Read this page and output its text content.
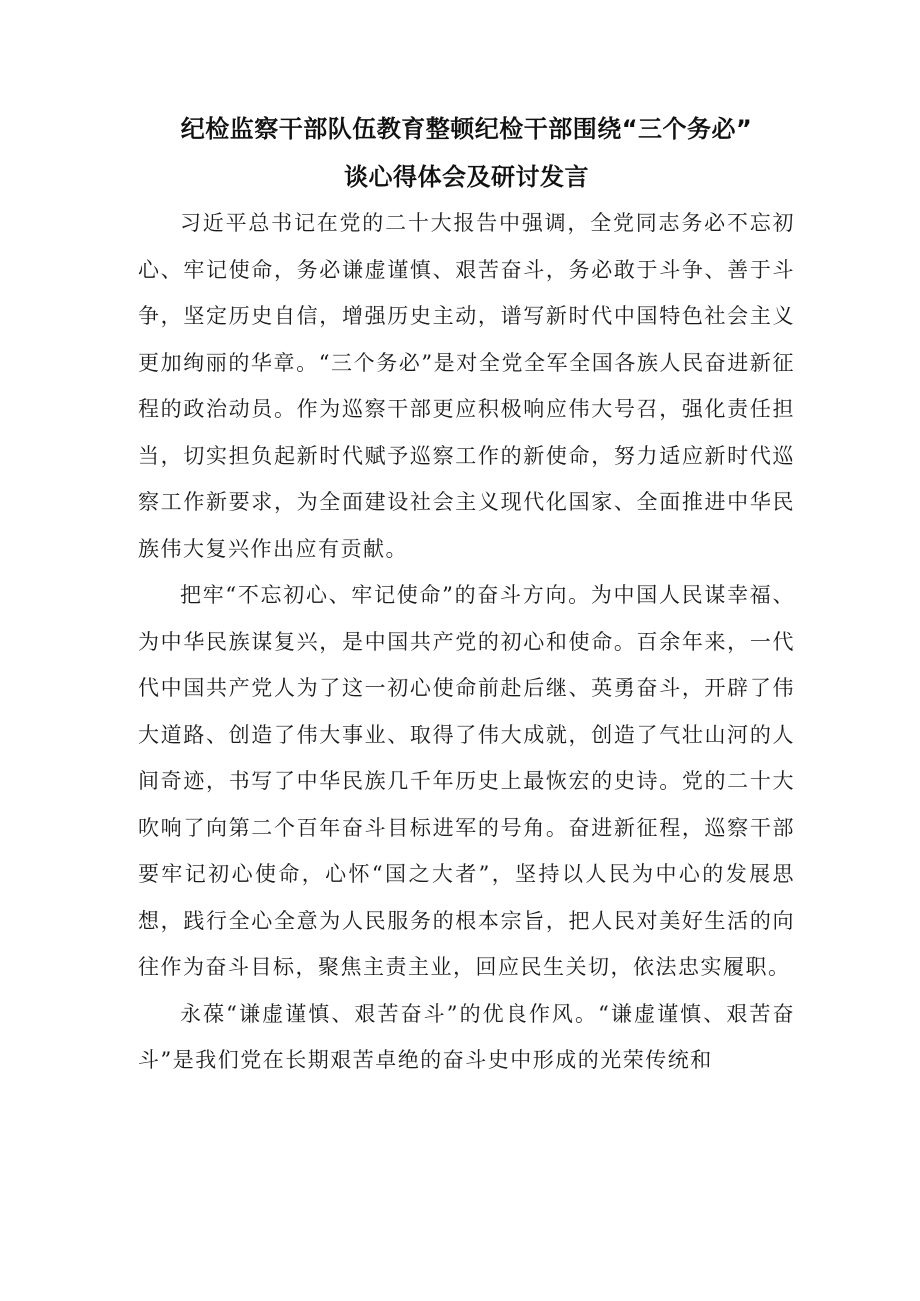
纪检监察干部队伍教育整顿纪检干部围绕“三个务必”
谈心得体会及研讨发言

习近平总书记在党的二十大报告中强调，全党同志务必不忘初心、牢记使命，务必谦虚谨慎、艰苦奋斗，务必敢于斗争、善于斗争，坚定历史自信，增强历史主动，谱写新时代中国特色社会主义更加绚丽的华章。“三个务必”是对全党全军全国各族人民奋进新征程的政治动员。作为巡察干部更应积极响应伟大号召，强化责任担当，切实担负起新时代赋予巡察工作的新使命，努力适应新时代巡察工作新要求，为全面建设社会主义现代化国家、全面推进中华民族伟大复兴作出应有贡献。

把牢“不忘初心、牢记使命”的奋斗方向。为中国人民谋幸福、为中华民族谋复兴，是中国共产党的初心和使命。百余年来，一代代中国共产党人为了这一初心使命前赴后继、英勇奋斗，开辟了伟大道路、创造了伟大事业、取得了伟大成就，创造了气壮山河的人间奇迹，书写了中华民族几千年历史上最恢宏的史诗。党的二十大吹响了向第二个百年奋斗目标进军的号角。奋进新征程，巡察干部要牢记初心使命，心怀“国之大者”，坚持以人民为中心的发展思想，践行全心全意为人民服务的根本宗旨，把人民对美好生活的向往作为奋斗目标，聚焦主责主业，回应民生关切，依法忠实履职。

永葆“谦虚谨慎、艰苦奋斗”的优良作风。“谦虚谨慎、艰苦奋斗”是我们党在长期艰苦卓绝的奋斗史中形成的光荣传统和
